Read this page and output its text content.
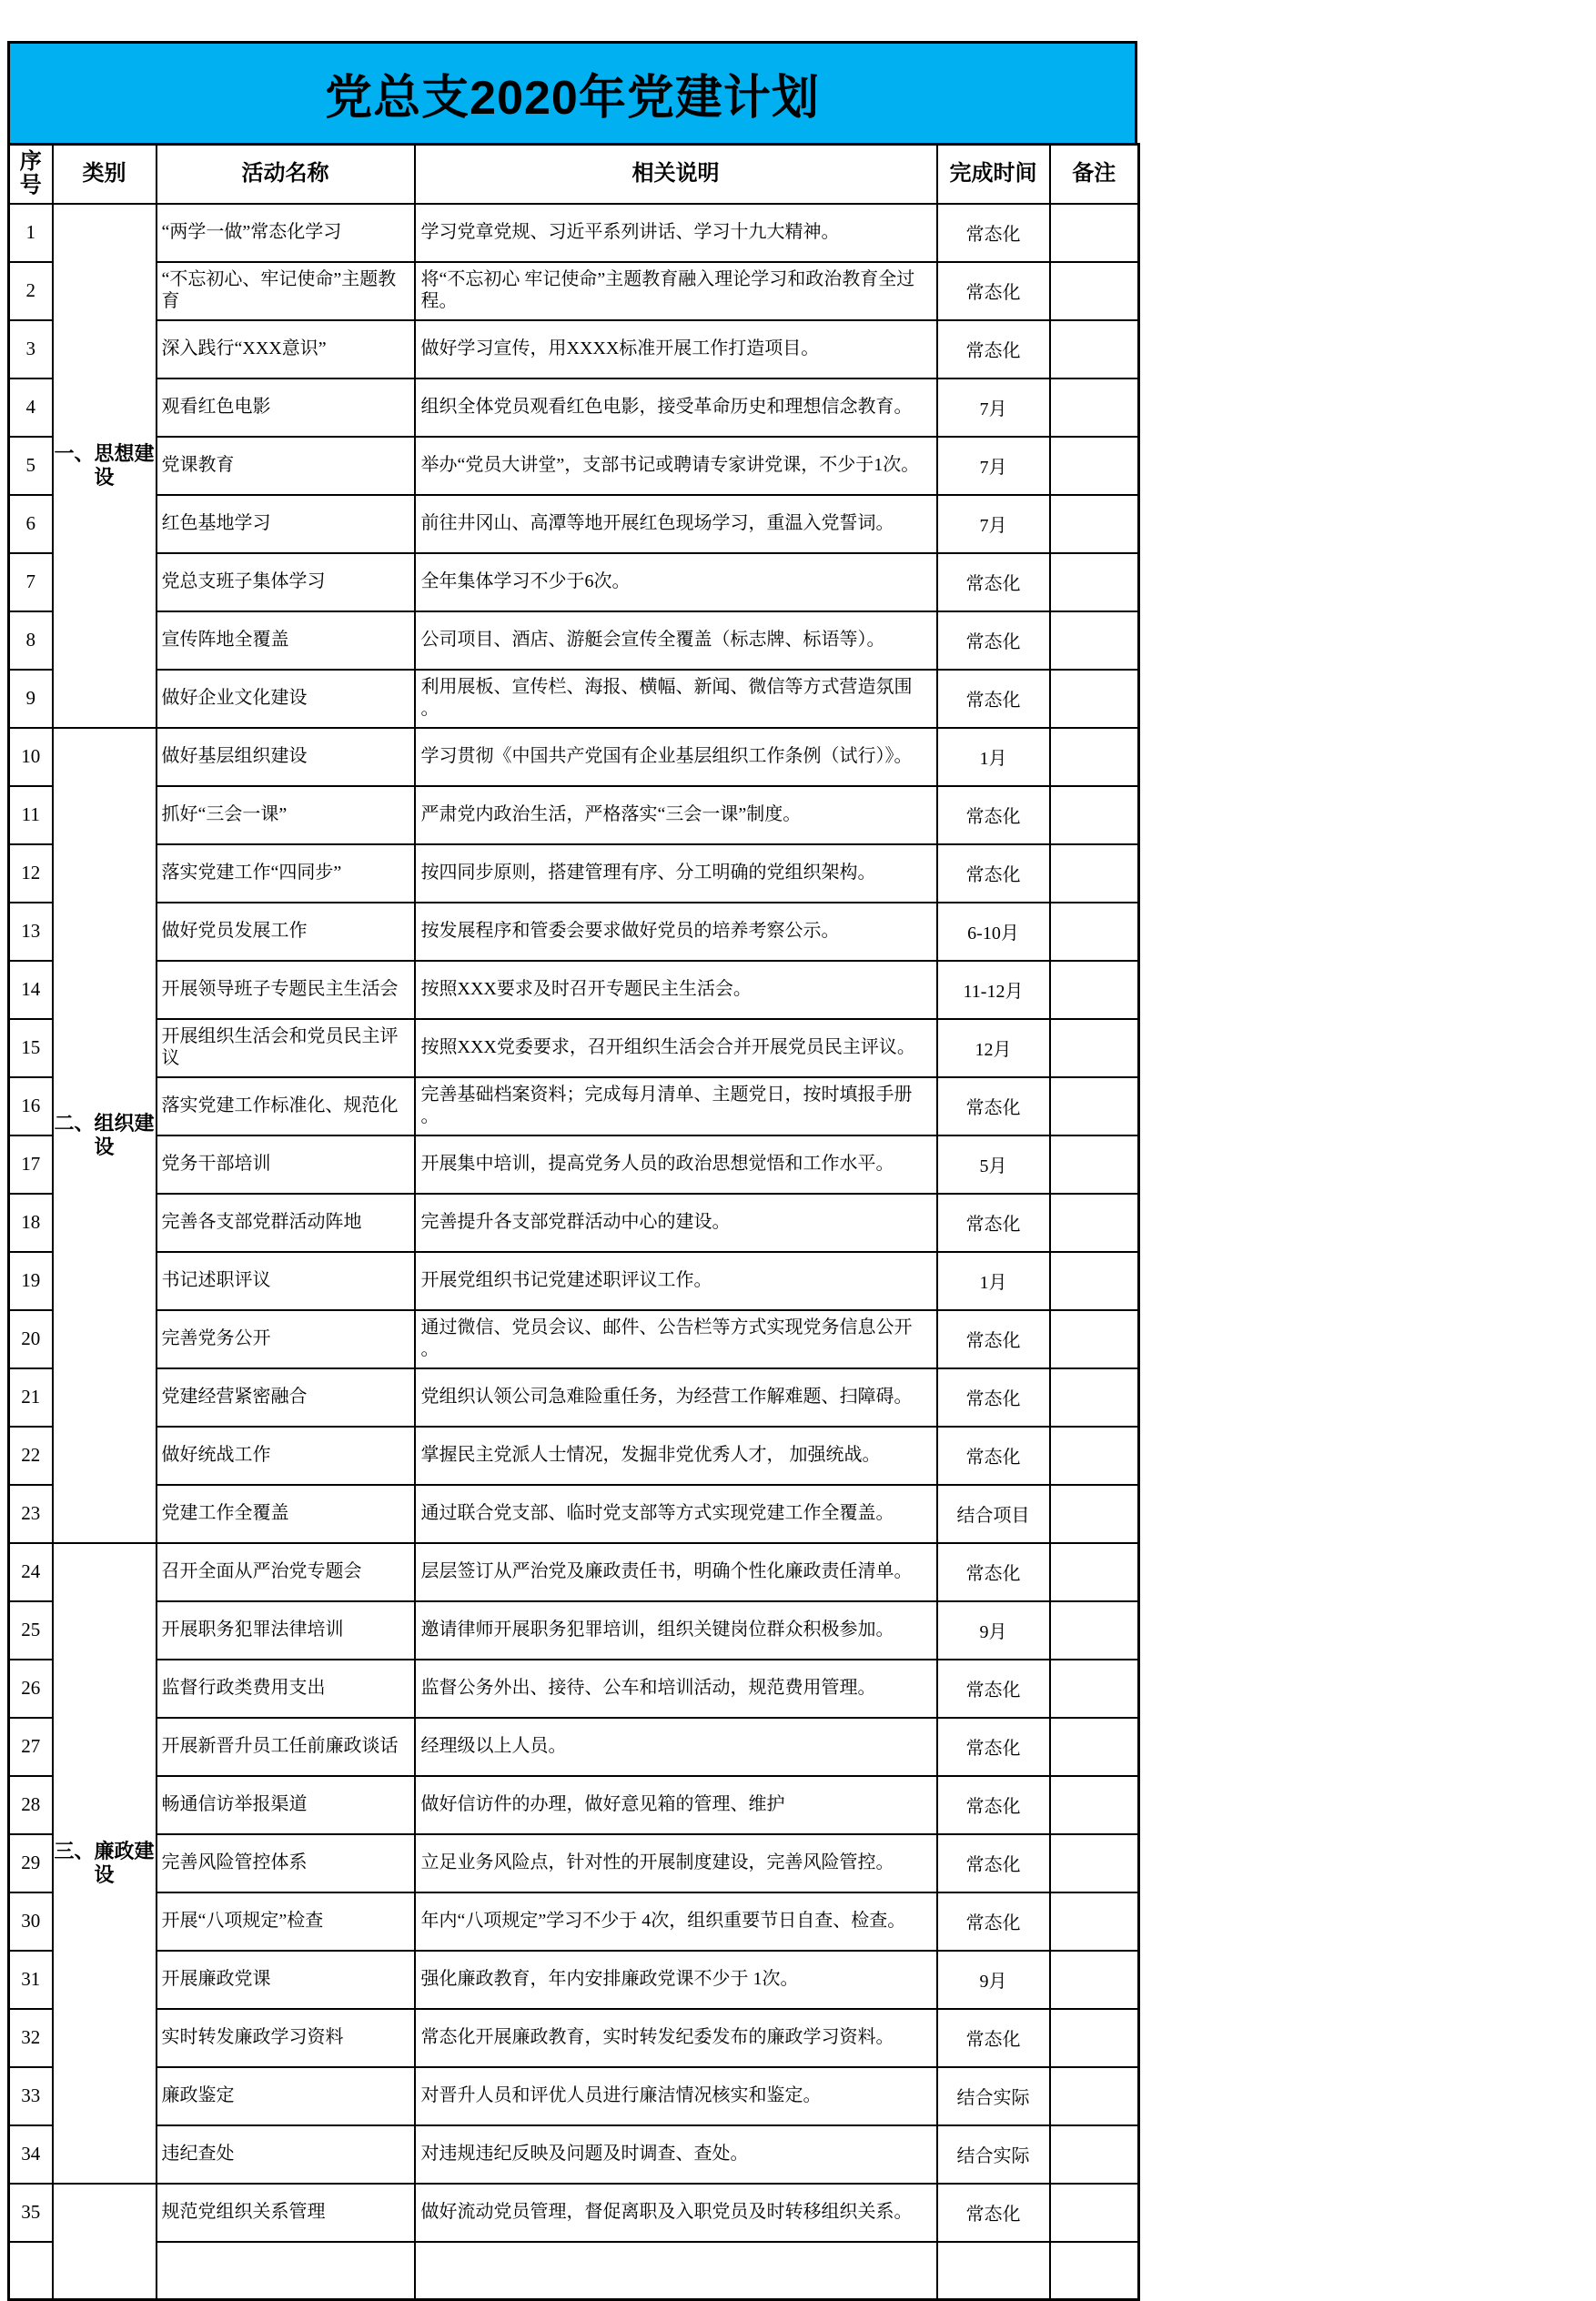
党总支2020年党建计划
序号	类别	活动名称	相关说明	完成时间	备注
1	一、思想建设	“两学一做”常态化学习	学习党章党规、习近平系列讲话、学习十九大精神。	常态化	
2		“不忘初心、牢记使命”主题教育	将“不忘初心 牢记使命”主题教育融入理论学习和政治教育全过程。	常态化	
3		深入践行“XXX意识”	做好学习宣传，用XXXX标准开展工作打造项目。	常态化	
4		观看红色电影	组织全体党员观看红色电影，接受革命历史和理想信念教育。	7月	
5		党课教育	举办“党员大讲堂”，支部书记或聘请专家讲党课，不少于1次。	7月	
6		红色基地学习	前往井冈山、高潭等地开展红色现场学习，重温入党誓词。	7月	
7		党总支班子集体学习	全年集体学习不少于6次。	常态化	
8		宣传阵地全覆盖	公司项目、酒店、游艇会宣传全覆盖（标志牌、标语等）。	常态化	
9		做好企业文化建设	利用展板、宣传栏、海报、横幅、新闻、微信等方式营造氛围。	常态化	
10	二、组织建设	做好基层组织建设	学习贯彻《中国共产党国有企业基层组织工作条例（试行）》。	1月	
11		抓好“三会一课”	严肃党内政治生活，严格落实“三会一课”制度。	常态化	
12		落实党建工作“四同步”	按四同步原则，搭建管理有序、分工明确的党组织架构。	常态化	
13		做好党员发展工作	按发展程序和管委会要求做好党员的培养考察公示。	6-10月	
14		开展领导班子专题民主生活会	按照XXX要求及时召开专题民主生活会。	11-12月	
15		开展组织生活会和党员民主评议	按照XXX党委要求，召开组织生活会合并开展党员民主评议。	12月	
16		落实党建工作标准化、规范化	完善基础档案资料；完成每月清单、主题党日，按时填报手册。	常态化	
17		党务干部培训	开展集中培训，提高党务人员的政治思想觉悟和工作水平。	5月	
18		完善各支部党群活动阵地	完善提升各支部党群活动中心的建设。	常态化	
19		书记述职评议	开展党组织书记党建述职评议工作。	1月	
20		完善党务公开	通过微信、党员会议、邮件、公告栏等方式实现党务信息公开。	常态化	
21		党建经营紧密融合	党组织认领公司急难险重任务，为经营工作解难题、扫障碍。	常态化	
22		做好统战工作	掌握民主党派人士情况，发掘非党优秀人才， 加强统战。	常态化	
23		党建工作全覆盖	通过联合党支部、临时党支部等方式实现党建工作全覆盖。	结合项目	
24	三、廉政建设	召开全面从严治党专题会	层层签订从严治党及廉政责任书，明确个性化廉政责任清单。	常态化	
25		开展职务犯罪法律培训	邀请律师开展职务犯罪培训，组织关键岗位群众积极参加。	9月	
26		监督行政类费用支出	监督公务外出、接待、公车和培训活动，规范费用管理。	常态化	
27		开展新晋升员工任前廉政谈话	经理级以上人员。	常态化	
28		畅通信访举报渠道	做好信访件的办理，做好意见箱的管理、维护	常态化	
29		完善风险管控体系	立足业务风险点，针对性的开展制度建设，完善风险管控。	常态化	
30		开展“八项规定”检查	年内“八项规定”学习不少于 4次，组织重要节日自查、检查。	常态化	
31		开展廉政党课	强化廉政教育，年内安排廉政党课不少于 1次。	9月	
32		实时转发廉政学习资料	常态化开展廉政教育，实时转发纪委发布的廉政学习资料。	常态化	
33		廉政鉴定	对晋升人员和评优人员进行廉洁情况核实和鉴定。	结合实际	
34		违纪查处	对违规违纪反映及问题及时调查、查处。	结合实际	
35		规范党组织关系管理	做好流动党员管理，督促离职及入职党员及时转移组织关系。	常态化	
